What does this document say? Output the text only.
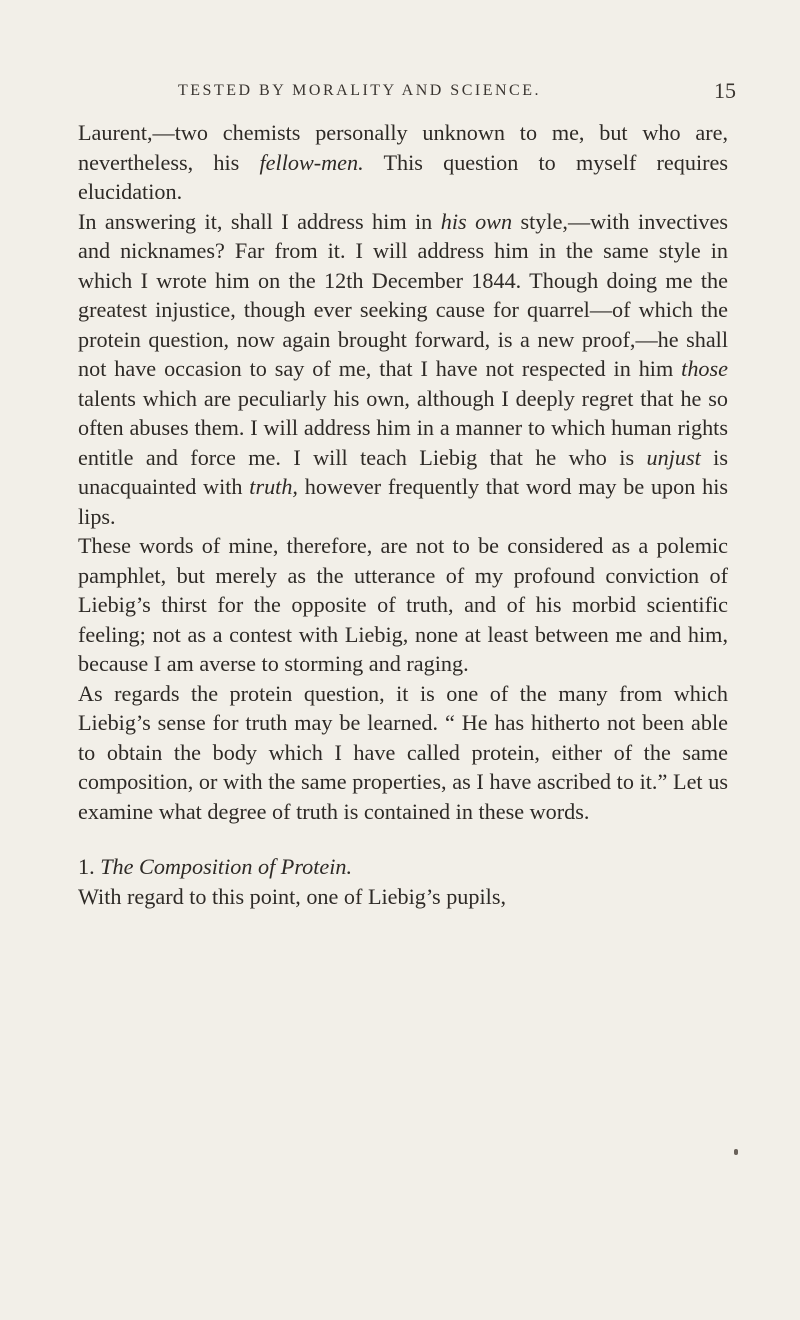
TESTED BY MORALITY AND SCIENCE.	15

Laurent,—two chemists personally unknown to me, but who are, nevertheless, his fellow-men. This question to myself requires elucidation.

In answering it, shall I address him in his own style,—with invectives and nicknames? Far from it. I will address him in the same style in which I wrote him on the 12th December 1844. Though doing me the greatest injustice, though ever seeking cause for quarrel—of which the protein question, now again brought forward, is a new proof,—he shall not have occasion to say of me, that I have not respected in him those talents which are peculiarly his own, although I deeply regret that he so often abuses them. I will address him in a manner to which human rights entitle and force me. I will teach Liebig that he who is unjust is unacquainted with truth, however frequently that word may be upon his lips.

These words of mine, therefore, are not to be considered as a polemic pamphlet, but merely as the utterance of my profound conviction of Liebig’s thirst for the opposite of truth, and of his morbid scientific feeling; not as a contest with Liebig, none at least between me and him, because I am averse to storming and raging.

As regards the protein question, it is one of the many from which Liebig’s sense for truth may be learned. “ He has hitherto not been able to obtain the body which I have called protein, either of the same composition, or with the same properties, as I have ascribed to it.” Let us examine what degree of truth is contained in these words.

1. The Composition of Protein.

With regard to this point, one of Liebig’s pupils,
